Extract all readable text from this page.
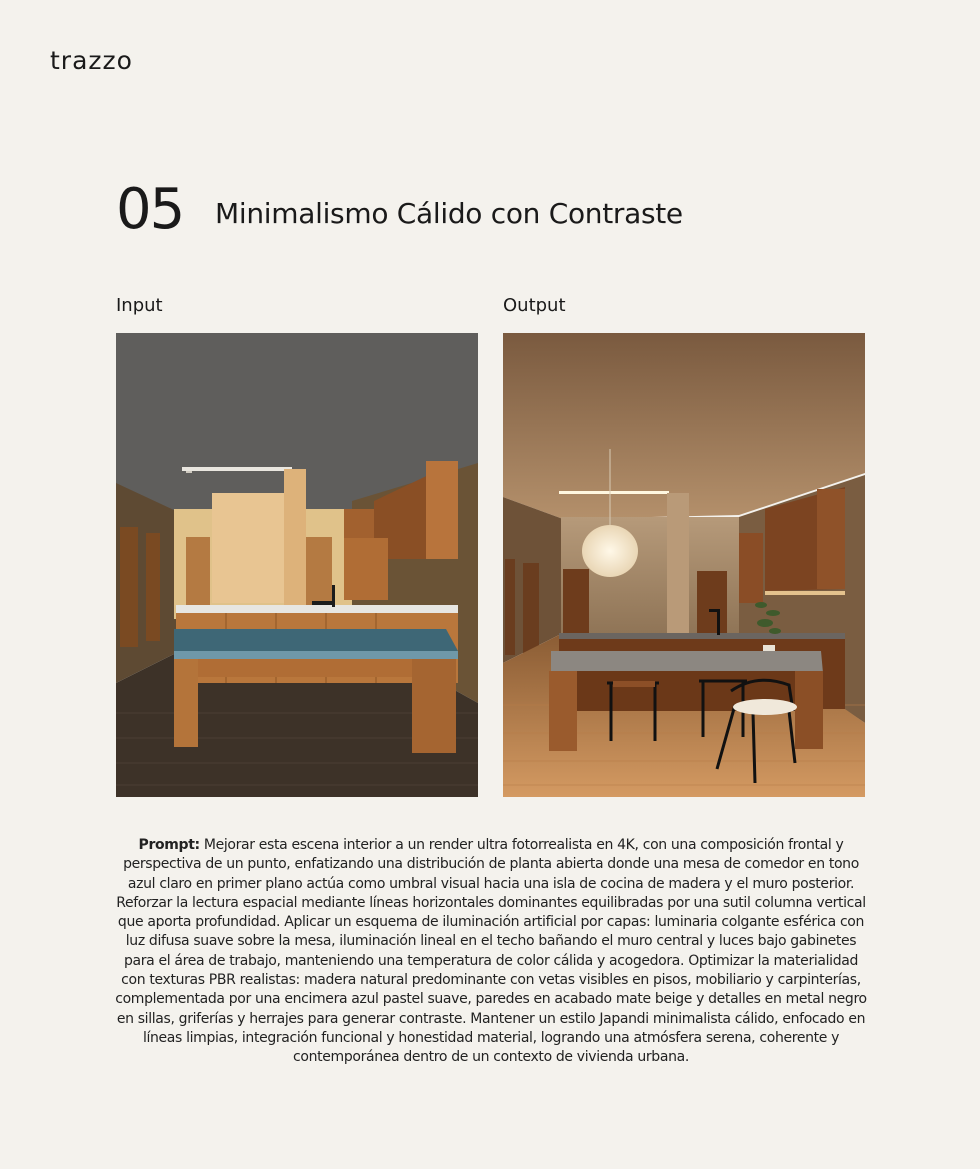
trazzo
05 Minimalismo Cálido con Contraste
Input	Output
Prompt: Mejorar esta escena interior a un render ultra fotorrealista en 4K, con una composición frontal y perspectiva de un punto, enfatizando una distribución de planta abierta donde una mesa de comedor en tono azul claro en primer plano actúa como umbral visual hacia una isla de cocina de madera y el muro posterior. Reforzar la lectura espacial mediante líneas horizontales dominantes equilibradas por una sutil columna vertical que aporta profundidad. Aplicar un esquema de iluminación artificial por capas: luminaria colgante esférica con luz difusa suave sobre la mesa, iluminación lineal en el techo bañando el muro central y luces bajo gabinetes para el área de trabajo, manteniendo una temperatura de color cálida y acogedora. Optimizar la materialidad con texturas PBR realistas: madera natural predominante con vetas visibles en pisos, mobiliario y carpinterías, complementada por una encimera azul pastel suave, paredes en acabado mate beige y detalles en metal negro en sillas, griferías y herrajes para generar contraste. Mantener un estilo Japandi minimalista cálido, enfocado en líneas limpias, integración funcional y honestidad material, logrando una atmósfera serena, coherente y contemporánea dentro de un contexto de vivienda urbana.
